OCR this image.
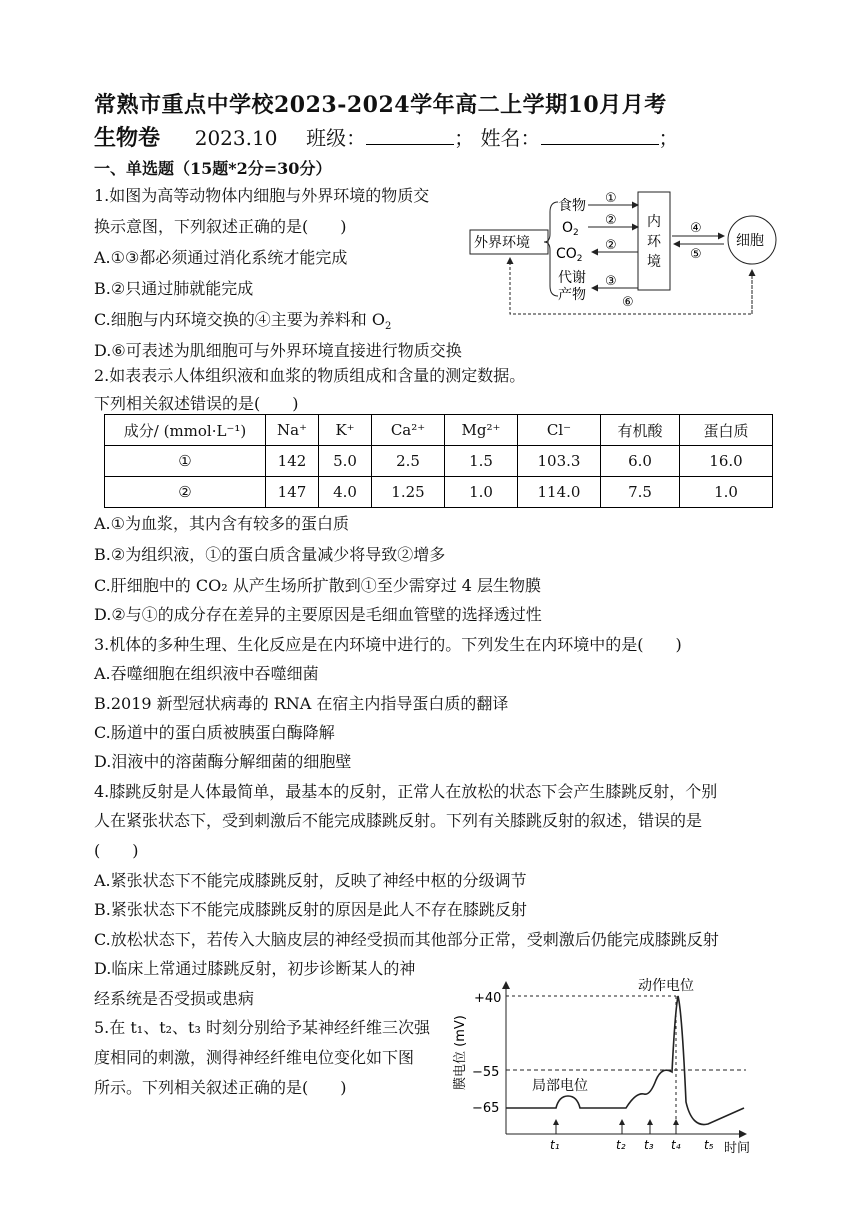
常熟市重点中学校2023-2024学年高二上学期10月月考
生物卷 2023.10 班级：	； 姓名：	；
一、单选题（15题*2分=30分）
1.如图为高等动物体内细胞与外界环境的物质交
换示意图，下列叙述正确的是(　　)
A.①③都必须通过消化系统才能完成
B.②只通过肺就能完成
C.细胞与内环境交换的④主要为养料和 $O_2$
D.⑥可表述为肌细胞可与外界环境直接进行物质交换
外界环境
食物
$O_2$
$CO_2$
代谢
产物
①
②
②
③
内
环
境
④
⑤
细胞
⑥
2.如表表示人体组织液和血浆的物质组成和含量的测定数据。
下列相关叙述错误的是(　　)
成分/ (mmol·L⁻¹)	Na⁺	K⁺	Ca²⁺	Mg²⁺	Cl⁻	有机酸	蛋白质
①	142	5.0	2.5	1.5	103.3	6.0	16.0
②	147	4.0	1.25	1.0	114.0	7.5	1.0
A.①为血浆，其内含有较多的蛋白质
B.②为组织液，①的蛋白质含量减少将导致②增多
C.肝细胞中的 CO₂ 从产生场所扩散到①至少需穿过 4 层生物膜
D.②与①的成分存在差异的主要原因是毛细血管壁的选择透过性
3.机体的多种生理、生化反应是在内环境中进行的。下列发生在内环境中的是(　　)
A.吞噬细胞在组织液中吞噬细菌
B.2019 新型冠状病毒的 RNA 在宿主内指导蛋白质的翻译
C.肠道中的蛋白质被胰蛋白酶降解
D.泪液中的溶菌酶分解细菌的细胞壁
4.膝跳反射是人体最简单，最基本的反射，正常人在放松的状态下会产生膝跳反射，个别
人在紧张状态下，受到刺激后不能完成膝跳反射。下列有关膝跳反射的叙述，错误的是
(　　)
A.紧张状态下不能完成膝跳反射，反映了神经中枢的分级调节
B.紧张状态下不能完成膝跳反射的原因是此人不存在膝跳反射
C.放松状态下，若传入大脑皮层的神经受损而其他部分正常，受刺激后仍能完成膝跳反射
D.临床上常通过膝跳反射，初步诊断某人的神
经系统是否受损或患病
5.在 t₁、t₂、t₃ 时刻分别给予某神经纤维三次强
度相同的刺激，测得神经纤维电位变化如下图
所示。下列相关叙述正确的是(　　)	膜电位 (mV)
时间
+40
−55
−65
动作电位
局部电位
t₁	t₂ t₃ t₄ t₅
